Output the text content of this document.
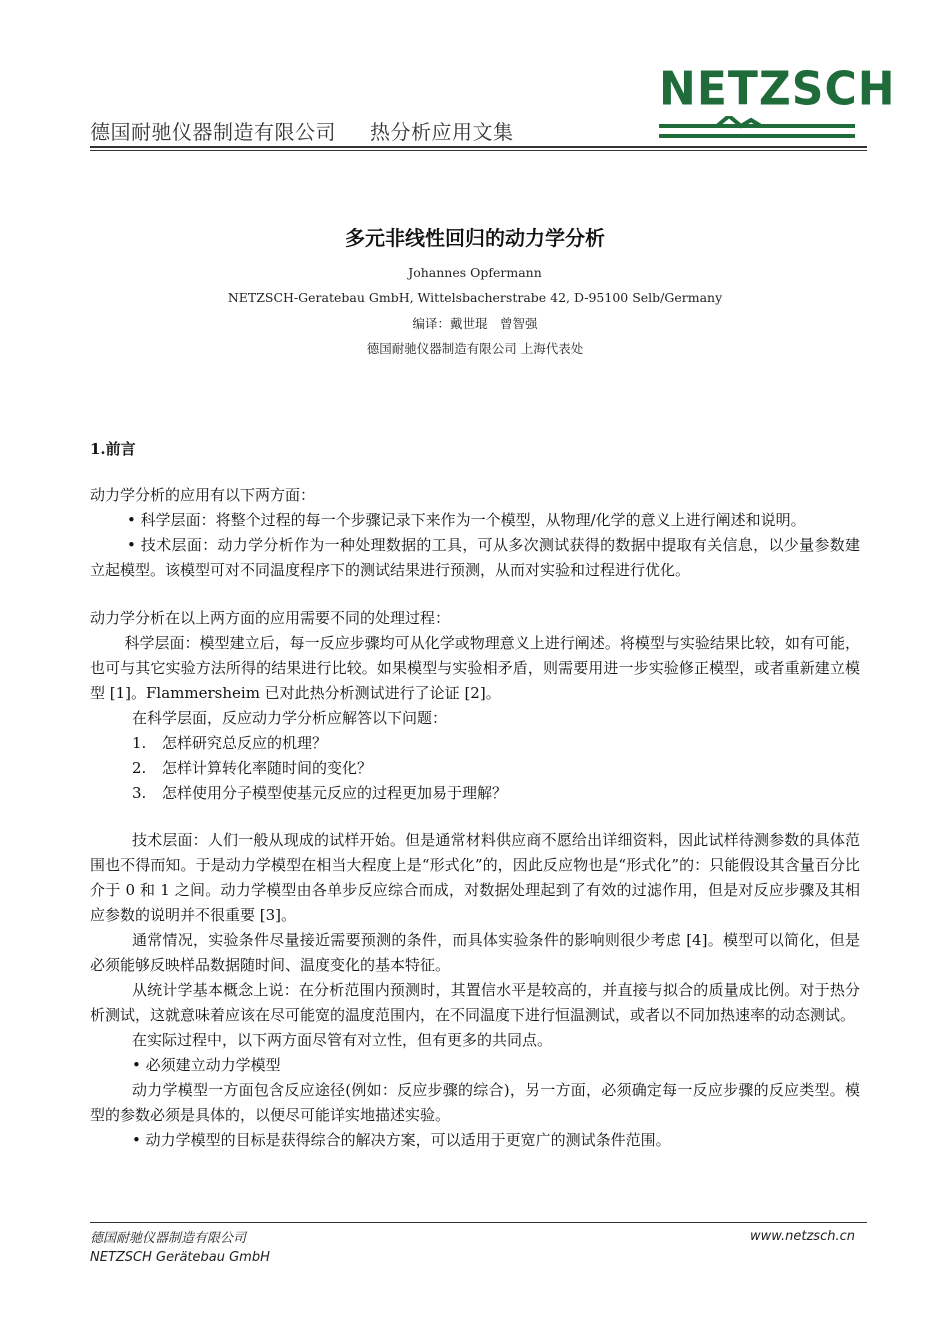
德国耐驰仪器制造有限公司 热分析应用文集
NETZSCH
多元非线性回归的动力学分析
Johannes Opfermann
NETZSCH-Geratebau GmbH, Wittelsbacherstrabe 42, D-95100 Selb/Germany
编译：戴世琨　曾智强
德国耐驰仪器制造有限公司 上海代表处
1.前言

动力学分析的应用有以下两方面：

• 科学层面：将整个过程的每一个步骤记录下来作为一个模型，从物理/化学的意义上进行阐述和说明。

• 技术层面：动力学分析作为一种处理数据的工具，可从多次测试获得的数据中提取有关信息，以少量参数建立起模型。该模型可对不同温度程序下的测试结果进行预测，从而对实验和过程进行优化。

动力学分析在以上两方面的应用需要不同的处理过程：

科学层面：模型建立后，每一反应步骤均可从化学或物理意义上进行阐述。将模型与实验结果比较，如有可能，也可与其它实验方法所得的结果进行比较。如果模型与实验相矛盾，则需要用进一步实验修正模型，或者重新建立模型 [1]。Flammersheim 已对此热分析测试进行了论证 [2]。

在科学层面，反应动力学分析应解答以下问题：

1. 怎样研究总反应的机理？

2. 怎样计算转化率随时间的变化？

3. 怎样使用分子模型使基元反应的过程更加易于理解？

技术层面：人们一般从现成的试样开始。但是通常材料供应商不愿给出详细资料，因此试样待测参数的具体范围也不得而知。于是动力学模型在相当大程度上是“形式化”的，因此反应物也是“形式化”的：只能假设其含量百分比介于 0 和 1 之间。动力学模型由各单步反应综合而成，对数据处理起到了有效的过滤作用，但是对反应步骤及其相应参数的说明并不很重要 [3]。

通常情况，实验条件尽量接近需要预测的条件，而具体实验条件的影响则很少考虑 [4]。模型可以简化，但是必须能够反映样品数据随时间、温度变化的基本特征。

从统计学基本概念上说：在分析范围内预测时，其置信水平是较高的，并直接与拟合的质量成比例。对于热分析测试，这就意味着应该在尽可能宽的温度范围内，在不同温度下进行恒温测试，或者以不同加热速率的动态测试。

在实际过程中，以下两方面尽管有对立性，但有更多的共同点。

• 必须建立动力学模型

动力学模型一方面包含反应途径(例如：反应步骤的综合)，另一方面，必须确定每一反应步骤的反应类型。模型的参数必须是具体的，以便尽可能详实地描述实验。

• 动力学模型的目标是获得综合的解决方案，可以适用于更宽广的测试条件范围。

德国耐驰仪器制造有限公司
NETZSCH Gerätebau GmbH
www.netzsch.cn
